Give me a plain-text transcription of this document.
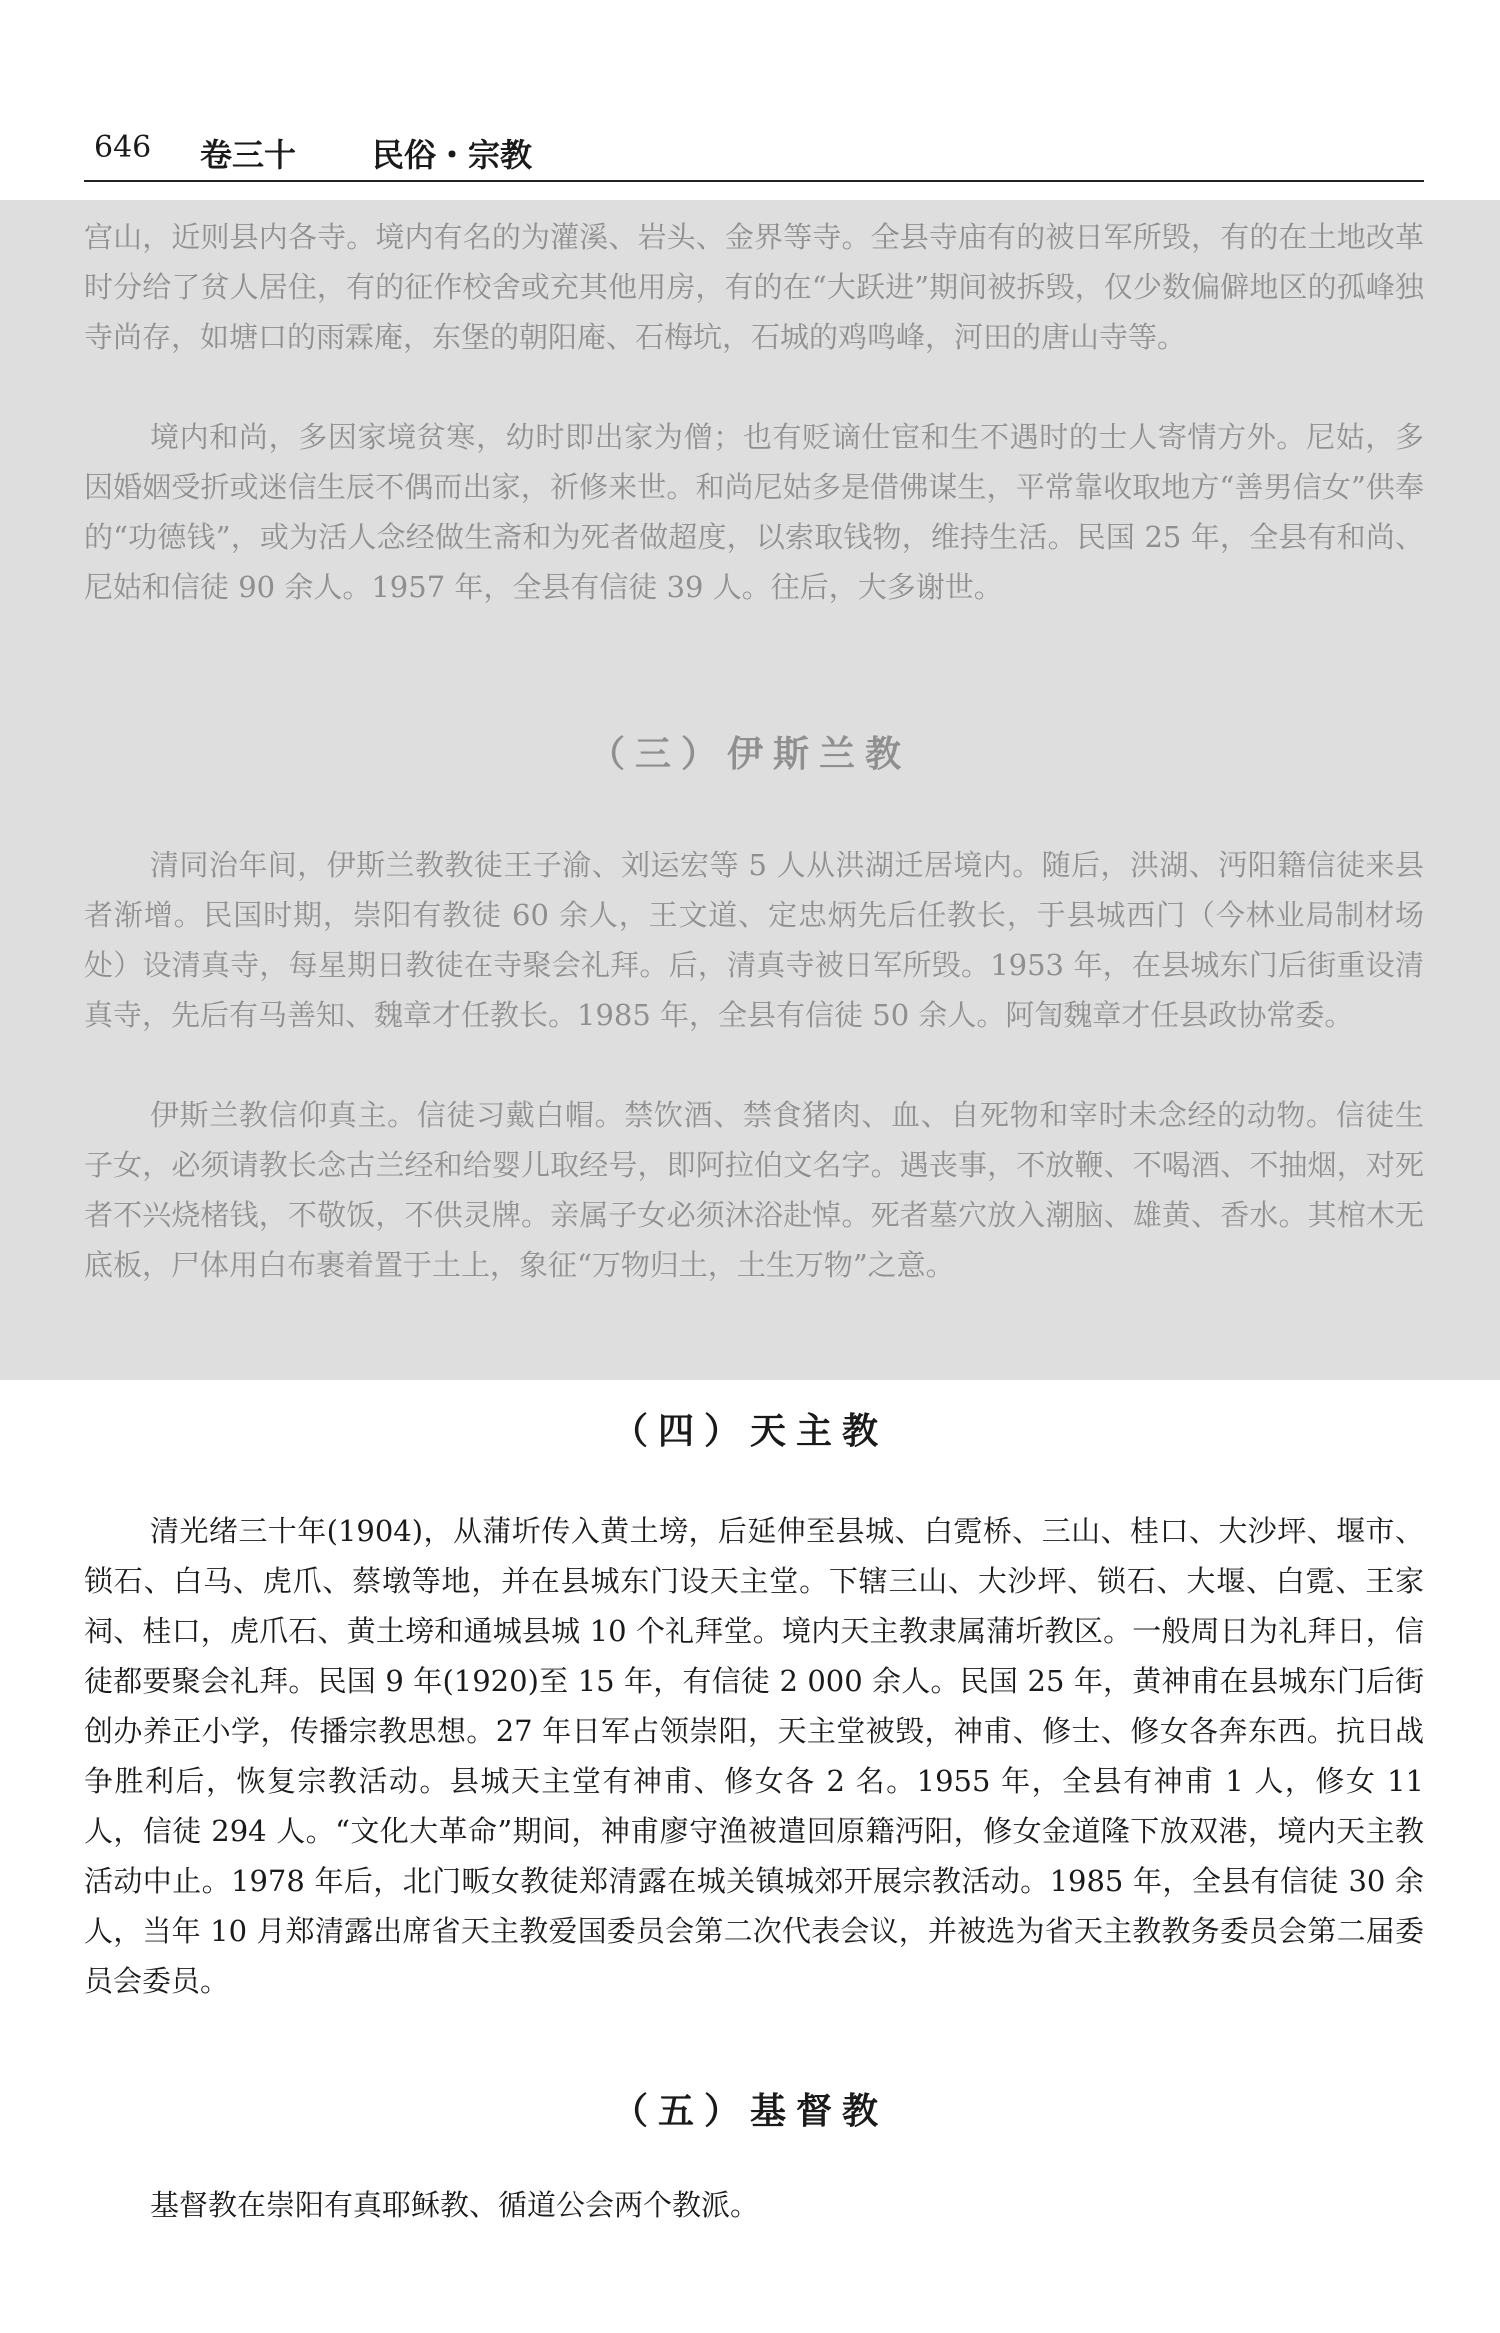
646 卷三十 民俗・宗教

宫山，近则县内各寺。境内有名的为灌溪、岩头、金界等寺。全县寺庙有的被日军所毁，有的在土地改革时分给了贫人居住，有的征作校舍或充其他用房，有的在“大跃进”期间被拆毁，仅少数偏僻地区的孤峰独寺尚存，如塘口的雨霖庵，东堡的朝阳庵、石梅坑，石城的鸡鸣峰，河田的唐山寺等。

境内和尚，多因家境贫寒，幼时即出家为僧；也有贬谪仕宦和生不遇时的士人寄情方外。尼姑，多因婚姻受折或迷信生辰不偶而出家，祈修来世。和尚尼姑多是借佛谋生，平常靠收取地方“善男信女”供奉的“功德钱”，或为活人念经做生斋和为死者做超度，以索取钱物，维持生活。民国 25 年，全县有和尚、尼姑和信徒 90 余人。1957 年，全县有信徒 39 人。往后，大多谢世。

（三）伊斯兰教

清同治年间，伊斯兰教教徒王子渝、刘运宏等 5 人从洪湖迁居境内。随后，洪湖、沔阳籍信徒来县者渐增。民国时期，崇阳有教徒 60 余人，王文道、定忠炳先后任教长，于县城西门（今林业局制材场处）设清真寺，每星期日教徒在寺聚会礼拜。后，清真寺被日军所毁。1953 年，在县城东门后街重设清真寺，先后有马善知、魏章才任教长。1985 年，全县有信徒 50 余人。阿訇魏章才任县政协常委。

伊斯兰教信仰真主。信徒习戴白帽。禁饮酒、禁食猪肉、血、自死物和宰时未念经的动物。信徒生子女，必须请教长念古兰经和给婴儿取经号，即阿拉伯文名字。遇丧事，不放鞭、不喝酒、不抽烟，对死者不兴烧楮钱，不敬饭，不供灵牌。亲属子女必须沐浴赴悼。死者墓穴放入潮脑、雄黄、香水。其棺木无底板，尸体用白布裹着置于土上，象征“万物归土，土生万物”之意。

（四）天主教

清光绪三十年(1904)，从蒲圻传入黄土塝，后延伸至县城、白霓桥、三山、桂口、大沙坪、堰市、锁石、白马、虎爪、蔡墩等地，并在县城东门设天主堂。下辖三山、大沙坪、锁石、大堰、白霓、王家祠、桂口，虎爪石、黄土塝和通城县城 10 个礼拜堂。境内天主教隶属蒲圻教区。一般周日为礼拜日，信徒都要聚会礼拜。民国 9 年(1920)至 15 年，有信徒 2 000 余人。民国 25 年，黄神甫在县城东门后街创办养正小学，传播宗教思想。27 年日军占领崇阳，天主堂被毁，神甫、修士、修女各奔东西。抗日战争胜利后，恢复宗教活动。县城天主堂有神甫、修女各 2 名。1955 年，全县有神甫 1 人，修女 11 人，信徒 294 人。“文化大革命”期间，神甫廖守渔被遣回原籍沔阳，修女金道隆下放双港，境内天主教活动中止。1978 年后，北门畈女教徒郑清露在城关镇城郊开展宗教活动。1985 年，全县有信徒 30 余人，当年 10 月郑清露出席省天主教爱国委员会第二次代表会议，并被选为省天主教教务委员会第二届委员会委员。

（五）基督教

基督教在崇阳有真耶稣教、循道公会两个教派。
